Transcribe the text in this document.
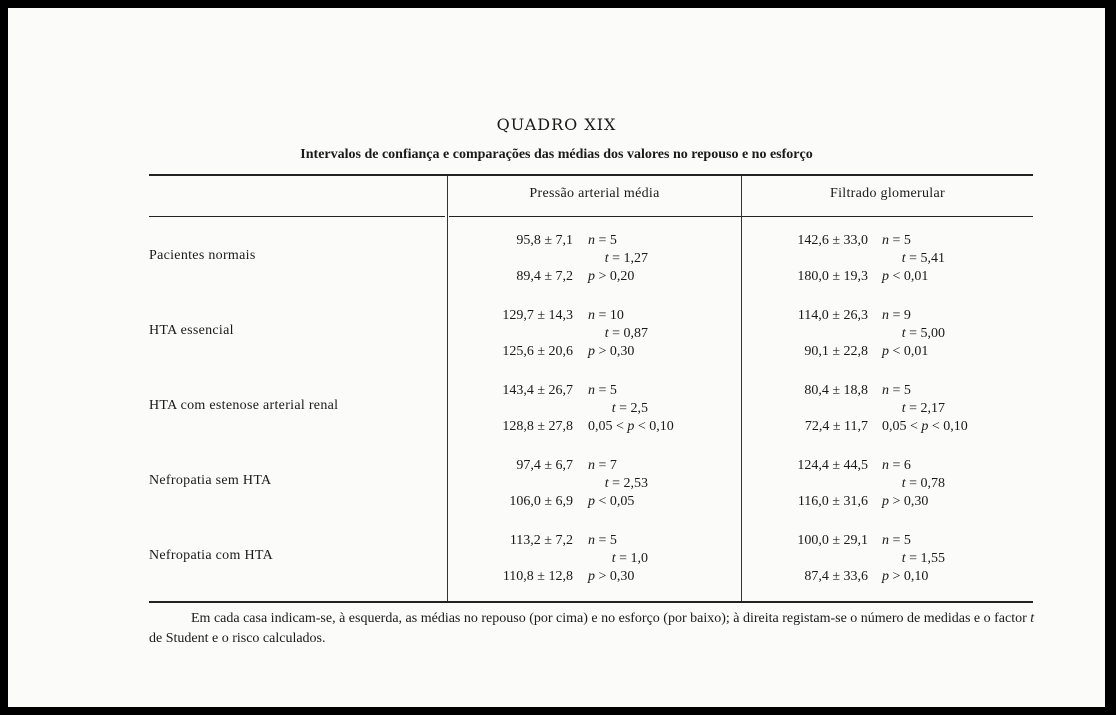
QUADRO XIX
Intervalos de confiança e comparações das médias dos valores no repouso e no esforço
Pressão arterial média	Filtrado glomerular
Pacientes normais
95,8 ± 7,1
89,4 ± 7,2
n = 5
t = 1,27
p > 0,20
142,6 ± 33,0
180,0 ± 19,3
n = 5
t = 5,41
p < 0,01
HTA essencial
129,7 ± 14,3
125,6 ± 20,6
n = 10
t = 0,87
p > 0,30
114,0 ± 26,3
90,1 ± 22,8
n = 9
t = 5,00
p < 0,01
HTA com estenose arterial renal
143,4 ± 26,7
128,8 ± 27,8
n = 5
t = 2,5
0,05 < p < 0,10
80,4 ± 18,8
72,4 ± 11,7
n = 5
t = 2,17
0,05 < p < 0,10
Nefropatia sem HTA
97,4 ± 6,7
106,0 ± 6,9
n = 7
t = 2,53
p < 0,05
124,4 ± 44,5
116,0 ± 31,6
n = 6
t = 0,78
p > 0,30
Nefropatia com HTA
113,2 ± 7,2
110,8 ± 12,8
n = 5
t = 1,0
p > 0,30
100,0 ± 29,1
87,4 ± 33,6
n = 5
t = 1,55
p > 0,10
Em cada casa indicam-se, à esquerda, as médias no repouso (por cima) e no esforço (por baixo); à direita registam-se o número de medidas e o factor t de Student e o risco calculados.
